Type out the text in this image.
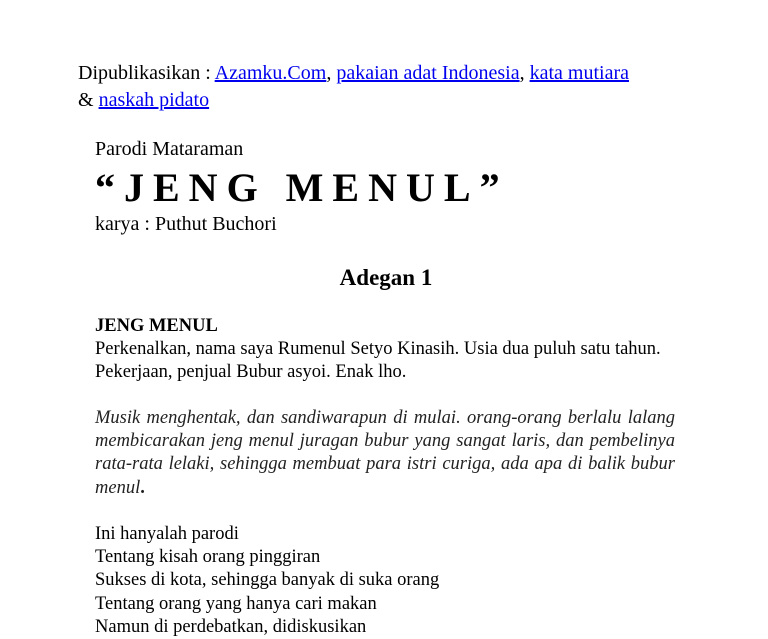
Dipublikasikan : Azamku.Com, pakaian adat Indonesia, kata mutiara
& naskah pidato
Parodi Mataraman
“JENG MENUL”
karya : Puthut Buchori
Adegan 1
JENG MENUL
Perkenalkan, nama saya Rumenul Setyo Kinasih. Usia dua puluh satu tahun. Pekerjaan, penjual Bubur asyoi. Enak lho.
Musik menghentak, dan sandiwarapun di mulai. orang-orang berlalu lalang membicarakan jeng menul juragan bubur yang sangat laris, dan pembelinya rata-rata lelaki, sehingga membuat para istri curiga, ada apa di balik bubur menul.
Ini hanyalah parodi
Tentang kisah orang pinggiran
Sukses di kota, sehingga banyak di suka orang
Tentang orang yang hanya cari makan
Namun di perdebatkan, didiskusikan
